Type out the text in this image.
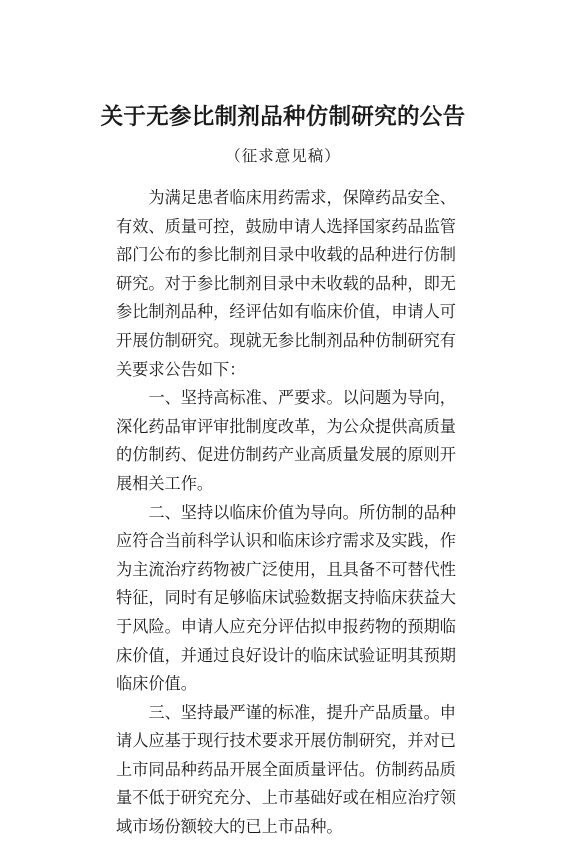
关于无参比制剂品种仿制研究的公告

（征求意见稿）

为满足患者临床用药需求，保障药品安全、有效、质量可控，鼓励申请人选择国家药品监管部门公布的参比制剂目录中收载的品种进行仿制研究。对于参比制剂目录中未收载的品种，即无参比制剂品种，经评估如有临床价值，申请人可开展仿制研究。现就无参比制剂品种仿制研究有关要求公告如下：

一、坚持高标准、严要求。以问题为导向，深化药品审评审批制度改革，为公众提供高质量的仿制药、促进仿制药产业高质量发展的原则开展相关工作。

二、坚持以临床价值为导向。所仿制的品种应符合当前科学认识和临床诊疗需求及实践，作为主流治疗药物被广泛使用，且具备不可替代性特征，同时有足够临床试验数据支持临床获益大于风险。申请人应充分评估拟申报药物的预期临床价值，并通过良好设计的临床试验证明其预期临床价值。

三、坚持最严谨的标准，提升产品质量。申请人应基于现行技术要求开展仿制研究，并对已上市同品种药品开展全面质量评估。仿制药品质量不低于研究充分、上市基础好或在相应治疗领域市场份额较大的已上市品种。
